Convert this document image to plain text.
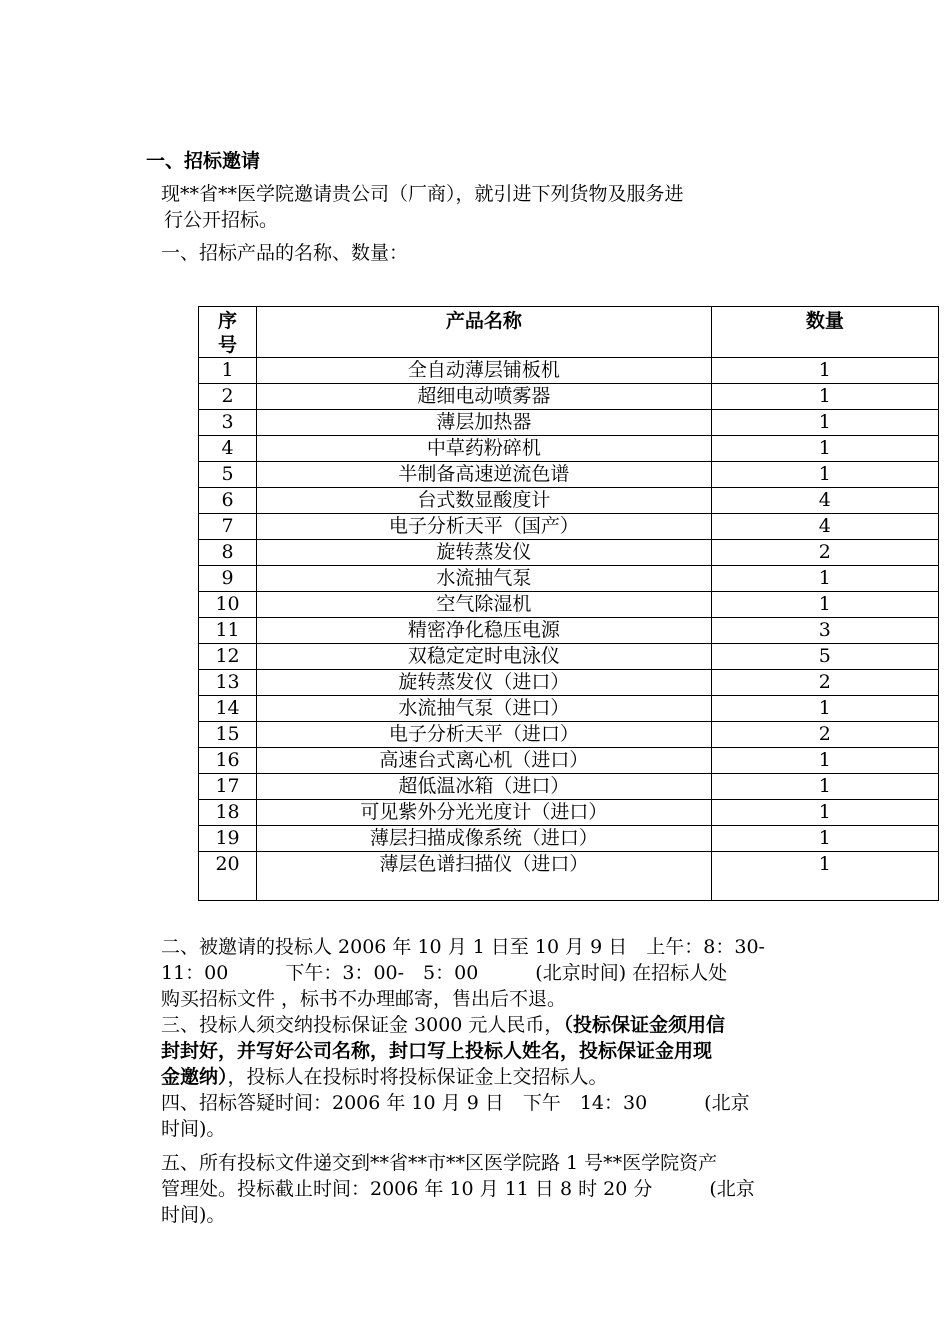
一、招标邀请

现**省**医学院邀请贵公司（厂商），就引进下列货物及服务进

行公开招标。

一、招标产品的名称、数量：

序
号	产品名称	数量
1	全自动薄层铺板机	1
2	超细电动喷雾器	1
3	薄层加热器	1
4	中草药粉碎机	1
5	半制备高速逆流色谱	1
6	台式数显酸度计	4
7	电子分析天平（国产）	4
8	旋转蒸发仪	2
9	水流抽气泵	1
10	空气除湿机	1
11	精密净化稳压电源	3
12	双稳定定时电泳仪	5
13	旋转蒸发仪（进口）	2
14	水流抽气泵（进口）	1
15	电子分析天平（进口）	2
16	高速台式离心机（进口）	1
17	超低温冰箱（进口）	1
18	可见紫外分光光度计（进口）	1
19	薄层扫描成像系统（进口）	1
20	薄层色谱扫描仪（进口）	1

二、被邀请的投标人 2006 年 10 月 1 日至 10 月 9 日　上午：8：30-
11：00　　　下午：3：00-　5：00　　　(北京时间) 在招标人处
购买招标文件 ，标书不办理邮寄，售出后不退。

三、投标人须交纳投标保证金 3000 元人民币，（投标保证金须用信
封封好，并写好公司名称，封口写上投标人姓名，投标保证金用现
金邀纳），投标人在投标时将投标保证金上交招标人。

四、招标答疑时间：2006 年 10 月 9 日　下午　14：30　　　(北京
时间)。

五、所有投标文件递交到**省**市**区医学院路 1 号**医学院资产
管理处。投标截止时间：2006 年 10 月 11 日 8 时 20 分　　　(北京
时间)。
